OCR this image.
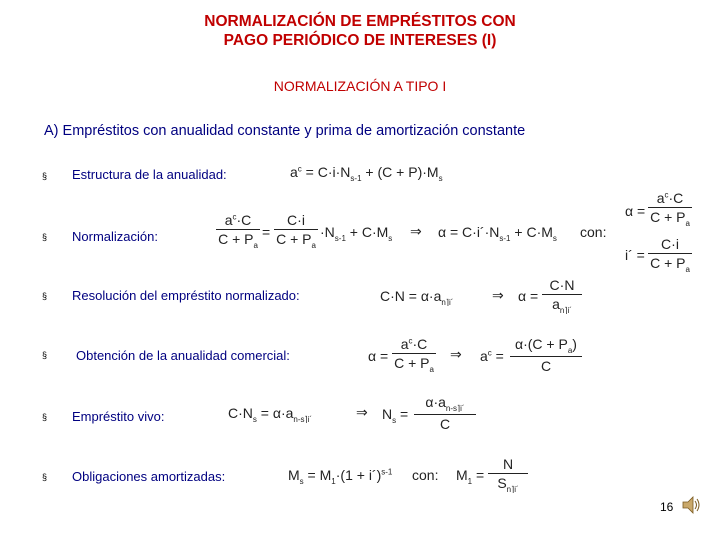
NORMALIZACIÓN DE EMPRÉSTITOS CON
PAGO PERIÓDICO DE INTERESES (I)
NORMALIZACIÓN A TIPO I
A) Empréstitos con anualidad constante y prima de amortización constante
§ Estructura de la anualidad:
§ Normalización:
§ Resolución del empréstito normalizado:
§ Obtención de la anualidad comercial:
§ Empréstito vivo:
§ Obligaciones amortizadas:
$a^c = C\cdot i\cdot N_{s-1} + (C + P)\cdot M_s$
$a^c\cdot C$
$C + P_a$
=
C·i
$C + P_a$
$\cdot N_{s-1} + C\cdot M_s$ ⇒ $\alpha = C\cdot i´\cdot N_{s-1} + C\cdot M_s$ con:
α =
$a^c\cdot C$
$C + P_a$
i´ =
C·i
$C + P_a$
$C\cdot N = \alpha\cdot a_{n⌉i´}$	⇒ α =
C·N
$a_{n⌉i´}$
α =
$a^c\cdot C$
$C + P_a$
⇒ $a^c$ =
$\alpha\cdot(C + P_a)$
C
$C\cdot N_s = \alpha\cdot a_{n-s⌉i´}$	⇒ $N_s$ =
$\alpha\cdot a_{n-s⌉i´}$
C
$M_s = M_1\cdot(1$ + i´)$^{s-1}$ con: $M_1$ =
N
$S_{n⌉i´}$
16
